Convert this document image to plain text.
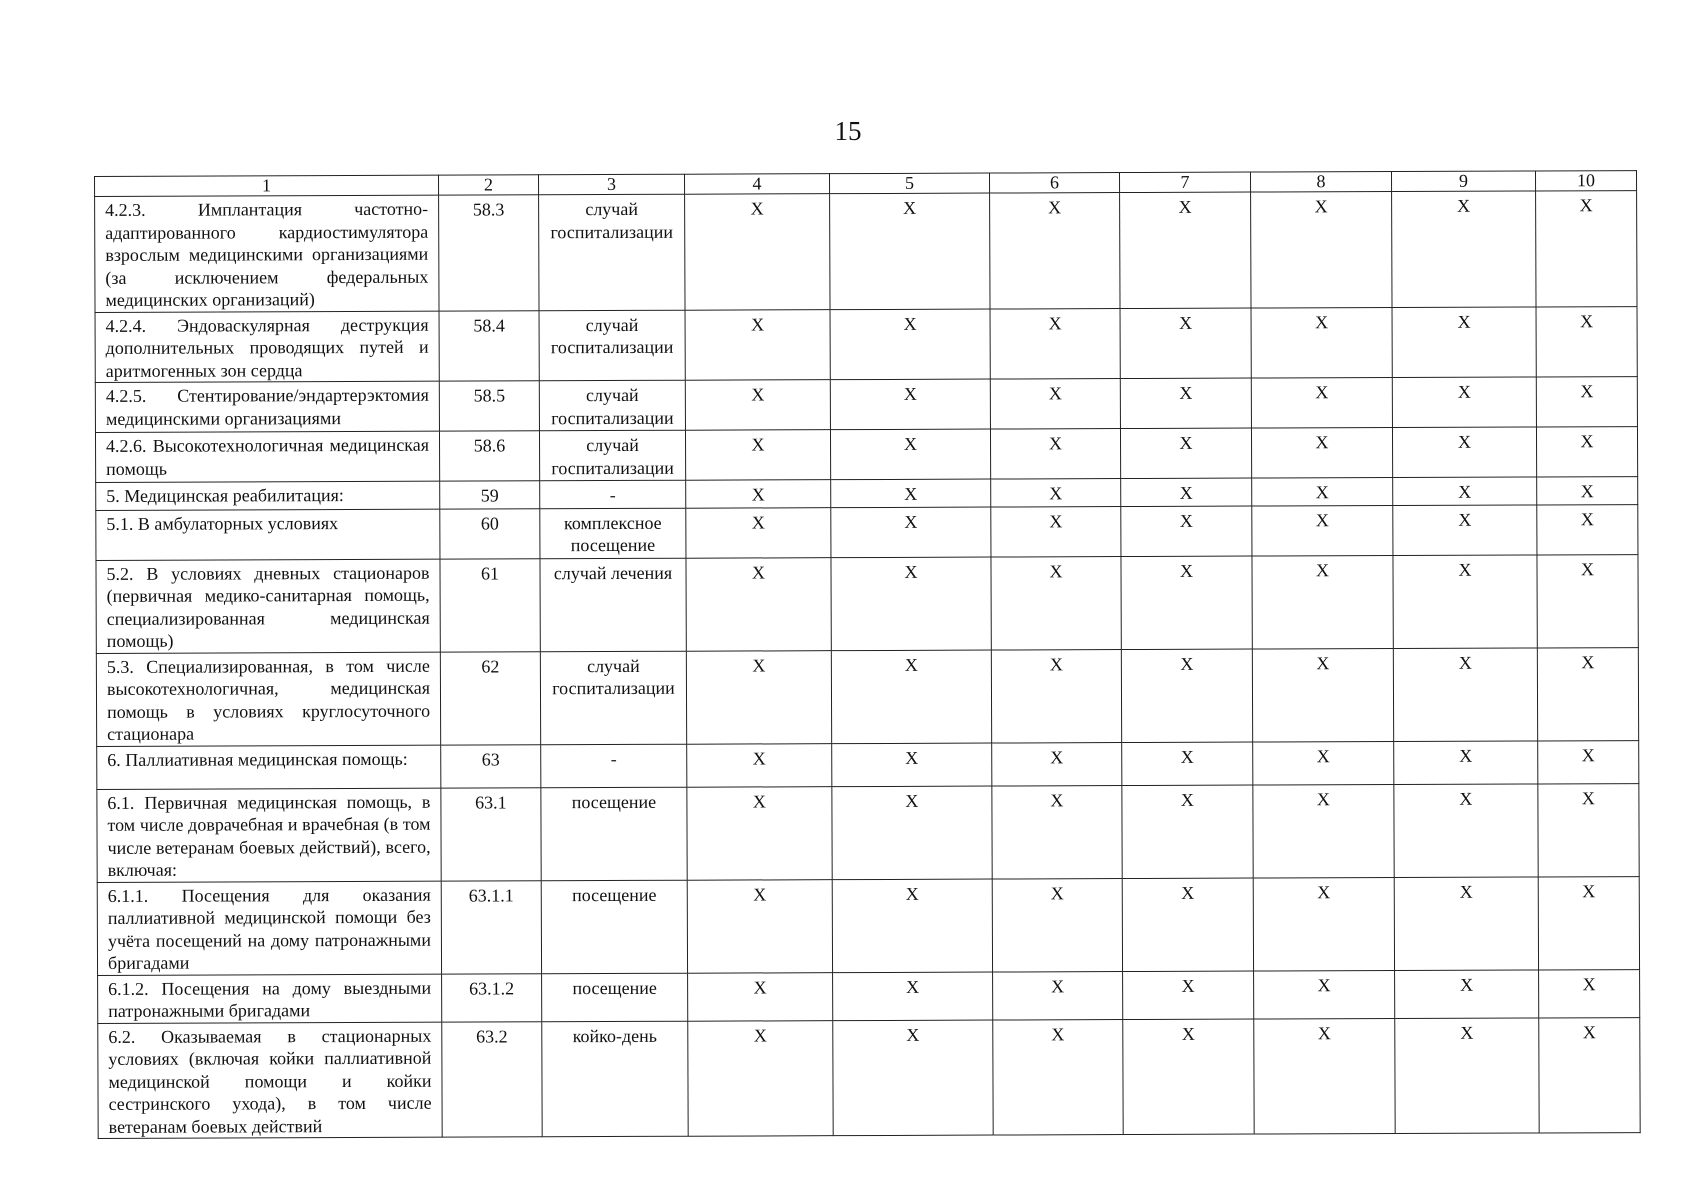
15
1	2	3	4	5	6	7	8	9	10
4.2.3. Имплантация частотно-адаптированного кардиостимулятора взрослым медицинскими организациями (за исключением федеральных медицинских организаций)	58.3	случай госпитализации	X	X	X	X	X	X	X
4.2.4. Эндоваскулярная деструкция дополнительных проводящих путей и аритмогенных зон сердца	58.4	случай госпитализации	X	X	X	X	X	X	X
4.2.5. Стентирование/эндартерэктомия медицинскими организациями	58.5	случай госпитализации	X	X	X	X	X	X	X
4.2.6. Высокотехнологичная медицинская помощь	58.6	случай госпитализации	X	X	X	X	X	X	X
5. Медицинская реабилитация:	59	-	X	X	X	X	X	X	X
5.1. В амбулаторных условиях	60	комплексное посещение	X	X	X	X	X	X	X
5.2. В условиях дневных стационаров (первичная медико-санитарная помощь, специализированная медицинская помощь)	61	случай лечения	X	X	X	X	X	X	X
5.3. Специализированная, в том числе высокотехнологичная, медицинская помощь в условиях круглосуточного стационара	62	случай госпитализации	X	X	X	X	X	X	X
6. Паллиативная медицинская помощь:	63	-	X	X	X	X	X	X	X
6.1. Первичная медицинская помощь, в том числе доврачебная и врачебная (в том числе ветеранам боевых действий), всего, включая:	63.1	посещение	X	X	X	X	X	X	X
6.1.1. Посещения для оказания паллиативной медицинской помощи без учёта посещений на дому патронажными бригадами	63.1.1	посещение	X	X	X	X	X	X	X
6.1.2. Посещения на дому выездными патронажными бригадами	63.1.2	посещение	X	X	X	X	X	X	X
6.2. Оказываемая в стационарных условиях (включая койки паллиативной медицинской помощи и койки сестринского ухода), в том числе ветеранам боевых действий	63.2	койко-день	X	X	X	X	X	X	X
